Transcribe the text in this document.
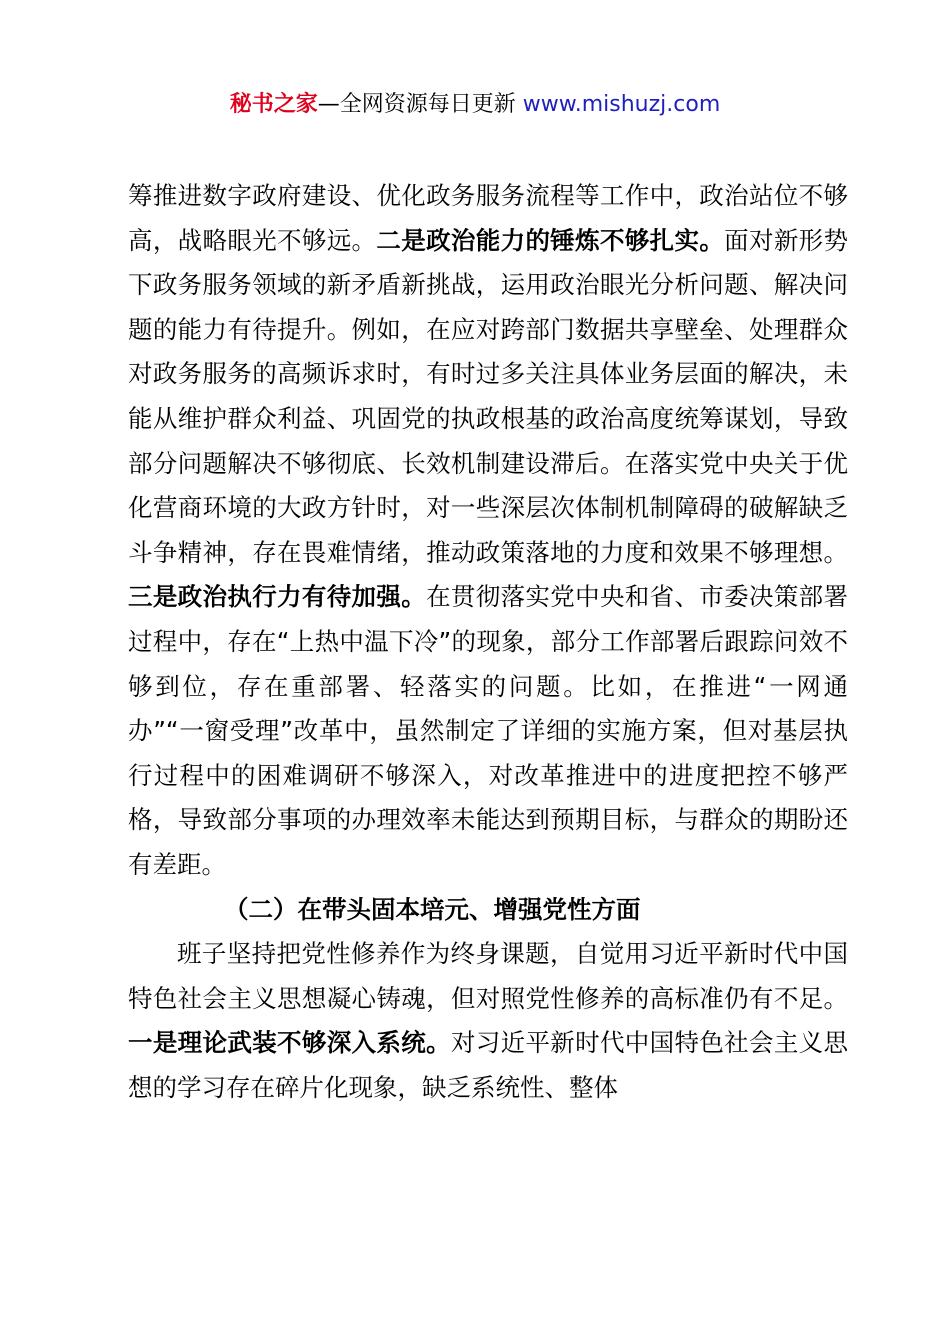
秘书之家—全网资源每日更新 www.mishuzj.com

筹推进数字政府建设、优化政务服务流程等工作中，政治站位不够高，战略眼光不够远。二是政治能力的锤炼不够扎实。面对新形势下政务服务领域的新矛盾新挑战，运用政治眼光分析问题、解决问题的能力有待提升。例如，在应对跨部门数据共享壁垒、处理群众对政务服务的高频诉求时，有时过多关注具体业务层面的解决，未能从维护群众利益、巩固党的执政根基的政治高度统筹谋划，导致部分问题解决不够彻底、长效机制建设滞后。在落实党中央关于优化营商环境的大政方针时，对一些深层次体制机制障碍的破解缺乏斗争精神，存在畏难情绪，推动政策落地的力度和效果不够理想。三是政治执行力有待加强。在贯彻落实党中央和省、市委决策部署过程中，存在“上热中温下冷”的现象，部分工作部署后跟踪问效不够到位，存在重部署、轻落实的问题。比如，在推进“一网通办”“一窗受理”改革中，虽然制定了详细的实施方案，但对基层执行过程中的困难调研不够深入，对改革推进中的进度把控不够严格，导致部分事项的办理效率未能达到预期目标，与群众的期盼还有差距。

（二）在带头固本培元、增强党性方面

班子坚持把党性修养作为终身课题，自觉用习近平新时代中国特色社会主义思想凝心铸魂，但对照党性修养的高标准仍有不足。一是理论武装不够深入系统。对习近平新时代中国特色社会主义思想的学习存在碎片化现象，缺乏系统性、整体
